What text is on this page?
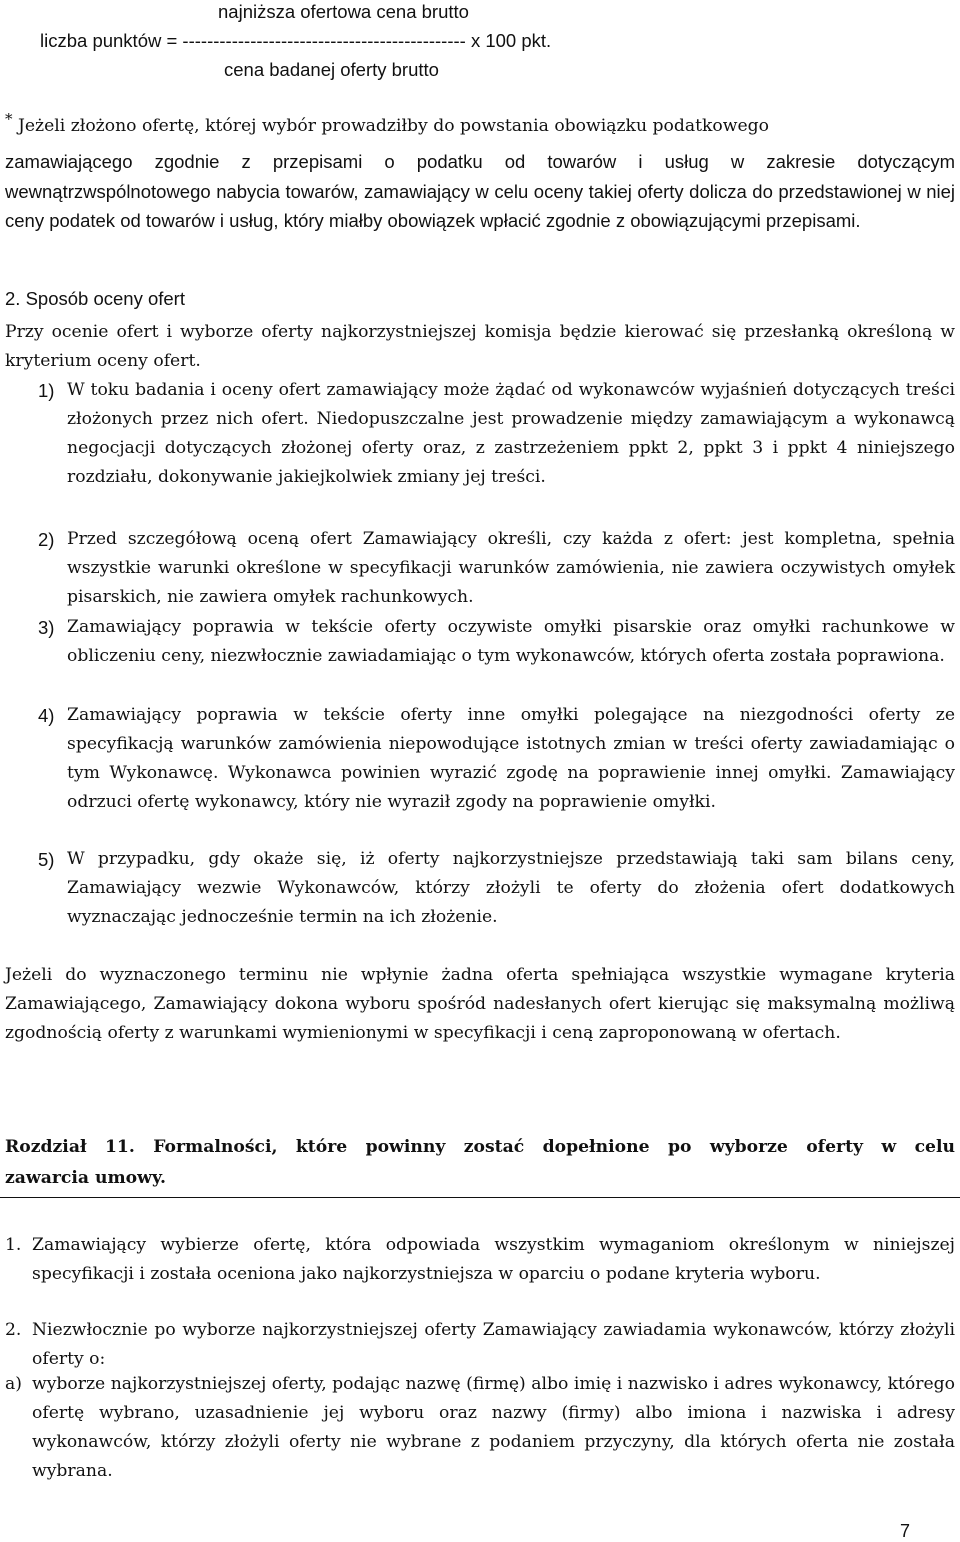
najniższa ofertowa cena brutto
liczba punktów = ---------------------------------------------- x 100 pkt.
cena badanej oferty brutto
* Jeżeli złożono ofertę, której wybór prowadziłby do powstania obowiązku podatkowego

zamawiającego zgodnie z przepisami o podatku od towarów i usług w zakresie dotyczącym wewnątrzwspólnotowego nabycia towarów, zamawiający w celu oceny takiej oferty dolicza do przedstawionej w niej ceny podatek od towarów i usług, który miałby obowiązek wpłacić zgodnie z obowiązującymi przepisami.

2. Sposób oceny ofert

Przy ocenie ofert i wyborze oferty najkorzystniejszej komisja będzie kierować się przesłanką określoną w kryterium oceny ofert.

1) W toku badania i oceny ofert zamawiający może żądać od wykonawców wyjaśnień dotyczących treści złożonych przez nich ofert. Niedopuszczalne jest prowadzenie między zamawiającym a wykonawcą negocjacji dotyczących złożonej oferty oraz, z zastrzeżeniem ppkt 2, ppkt 3 i ppkt 4 niniejszego rozdziału, dokonywanie jakiejkolwiek zmiany jej treści.
2) Przed szczegółową oceną ofert Zamawiający określi, czy każda z ofert: jest kompletna, spełnia wszystkie warunki określone w specyfikacji warunków zamówienia, nie zawiera oczywistych omyłek pisarskich, nie zawiera omyłek rachunkowych.
3) Zamawiający poprawia w tekście oferty oczywiste omyłki pisarskie oraz omyłki rachunkowe w obliczeniu ceny, niezwłocznie zawiadamiając o tym wykonawców, których oferta została poprawiona.
4) Zamawiający poprawia w tekście oferty inne omyłki polegające na niezgodności oferty ze specyfikacją warunków zamówienia niepowodujące istotnych zmian w treści oferty zawiadamiając o tym Wykonawcę. Wykonawca powinien wyrazić zgodę na poprawienie innej omyłki. Zamawiający odrzuci ofertę wykonawcy, który nie wyraził zgody na poprawienie omyłki.
5) W przypadku, gdy okaże się, iż oferty najkorzystniejsze przedstawiają taki sam bilans ceny, Zamawiający wezwie Wykonawców, którzy złożyli te oferty do złożenia ofert dodatkowych wyznaczając jednocześnie termin na ich złożenie.

Jeżeli do wyznaczonego terminu nie wpłynie żadna oferta spełniająca wszystkie wymagane kryteria Zamawiającego, Zamawiający dokona wyboru spośród nadesłanych ofert kierując się maksymalną możliwą zgodnością oferty z warunkami wymienionymi w specyfikacji i ceną zaproponowaną w ofertach.

Rozdział 11. Formalności, które powinny zostać dopełnione po wyborze oferty w celu
zawarcia umowy.
1. Zamawiający wybierze ofertę, która odpowiada wszystkim wymaganiom określonym w niniejszej specyfikacji i została oceniona jako najkorzystniejsza w oparciu o podane kryteria wyboru.
2. Niezwłocznie po wyborze najkorzystniejszej oferty Zamawiający zawiadamia wykonawców, którzy złożyli oferty o:
a) wyborze najkorzystniejszej oferty, podając nazwę (firmę) albo imię i nazwisko i adres wykonawcy, którego ofertę wybrano, uzasadnienie jej wyboru oraz nazwy (firmy) albo imiona i nazwiska i adresy wykonawców, którzy złożyli oferty nie wybrane z podaniem przyczyny, dla których oferta nie została wybrana.
7
